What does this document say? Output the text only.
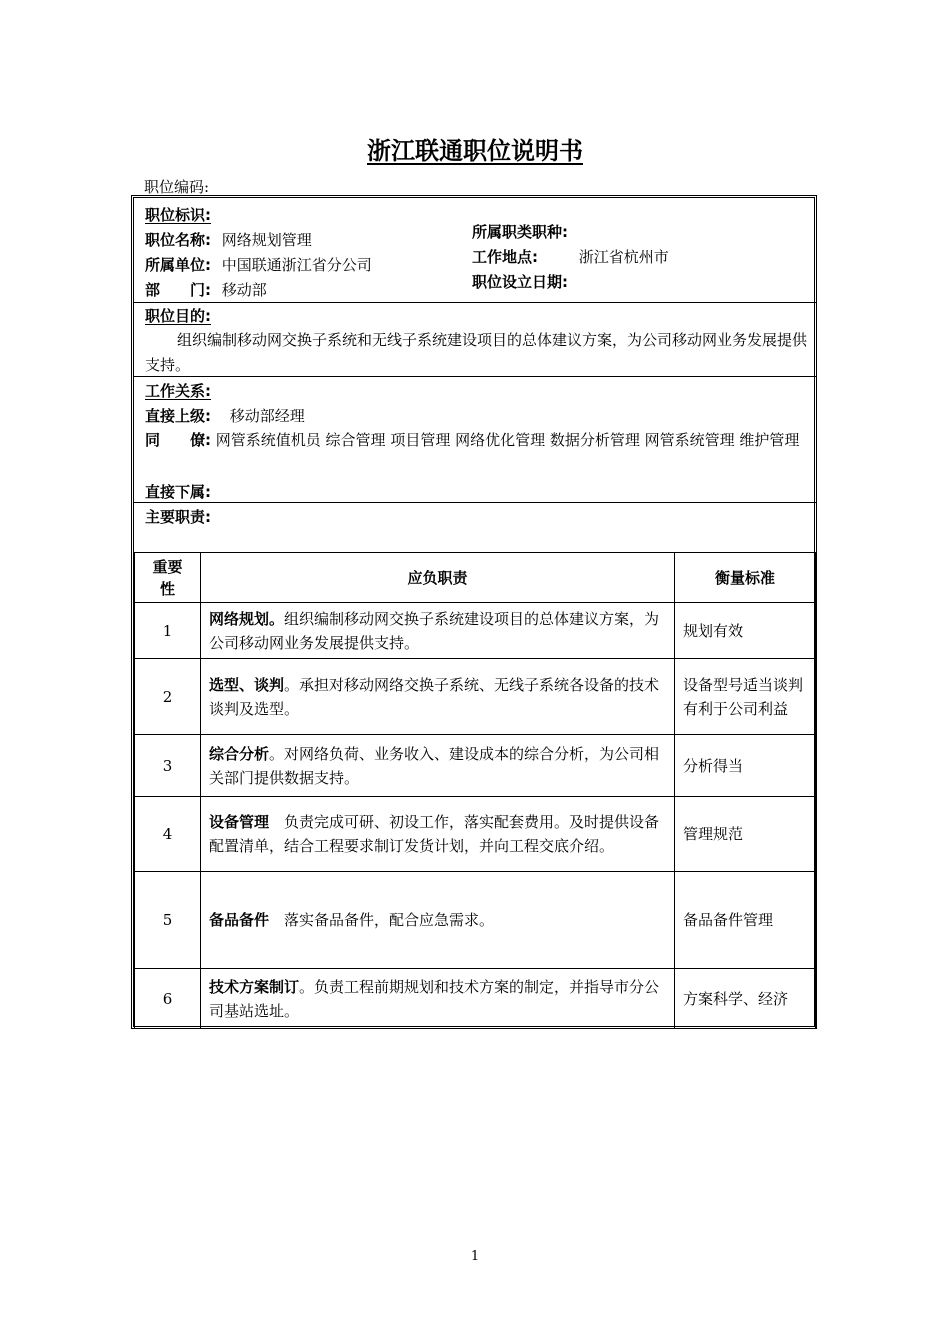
浙江联通职位说明书
职位编码:
职位标识:
职位名称: 网络规划管理
所属单位: 中国联通浙江省分公司
部　　门: 移动部
所属职类职种:
工作地点:	浙江省杭州市
职位设立日期:
职位目的:
组织编制移动网交换子系统和无线子系统建设项目的总体建议方案，为公司移动网业务发展提供支持。
工作关系:
直接上级: 移动部经理
同　　僚: 网管系统值机员 综合管理 项目管理 网络优化管理 数据分析管理 网管系统管理 维护管理
直接下属:
主要职责:
重要性	应负职责	衡量标准
1	网络规划。组织编制移动网交换子系统建设项目的总体建议方案，为公司移动网业务发展提供支持。	规划有效
2	选型、谈判。承担对移动网络交换子系统、无线子系统各设备的技术谈判及选型。	设备型号适当谈判有利于公司利益
3	综合分析。对网络负荷、业务收入、建设成本的综合分析，为公司相关部门提供数据支持。	分析得当
4	设备管理　负责完成可研、初设工作，落实配套费用。及时提供设备配置清单，结合工程要求制订发货计划，并向工程交底介绍。	管理规范
5	备品备件　落实备品备件，配合应急需求。	备品备件管理
6	技术方案制订。负责工程前期规划和技术方案的制定，并指导市分公司基站选址。	方案科学、经济
1
